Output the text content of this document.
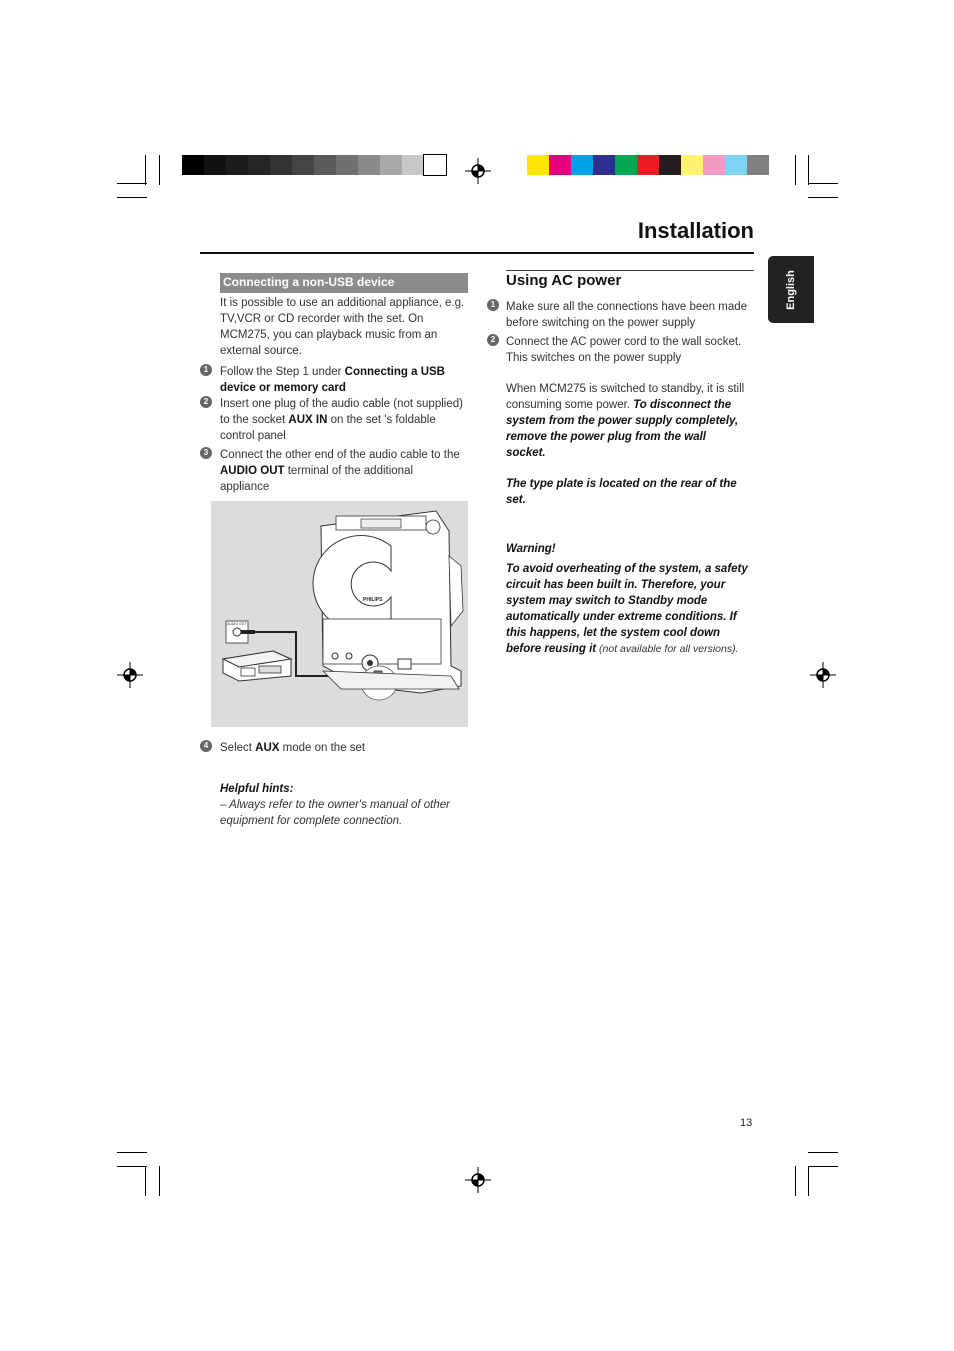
Installation
English
Connecting a non-USB device
It is possible to use an additional appliance, e.g.
TV,VCR or CD recorder with the set. On
MCM275, you can playback music from an
external source.
1	Follow the Step 1 under Connecting a USB
device or memory card
2	Insert one plug of the audio cable (not supplied)
to the socket AUX IN on the set 's foldable
control panel
3	Connect the other end of the audio cable to the
AUDIO OUT terminal of the additional
appliance
AUDIO OUT
PHILIPS
4	Select AUX mode on the set
Helpful hints:
– Always refer to the owner's manual of other
equipment for complete connection.
Using AC power
1 Make sure all the connections have been made
before switching on the power supply
2 Connect the AC power cord to the wall socket.
This switches on the power supply
When MCM275 is switched to standby, it is still
consuming some power. To disconnect the
system from the power supply completely,
remove the power plug from the wall
socket.
The type plate is located on the rear of the
set.
Warning!
To avoid overheating of the system, a safety
circuit has been built in. Therefore, your
system may switch to Standby mode
automatically under extreme conditions. If
this happens, let the system cool down
before reusing it (not available for all versions).
13
